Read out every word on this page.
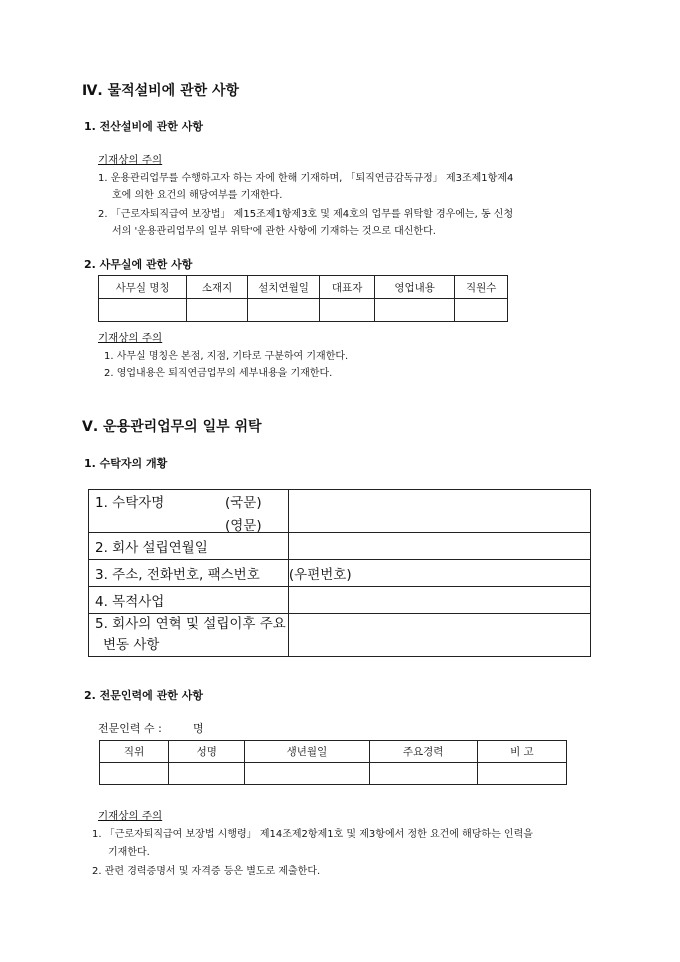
Ⅳ. 물적설비에 관한 사항
1. 전산설비에 관한 사항
기재상의 주의
1. 운용관리업무를 수행하고자 하는 자에 한해 기재하며, 「퇴직연금감독규정」 제3조제1항제4
호에 의한 요건의 해당여부를 기재한다.
2. 「근로자퇴직급여 보장법」 제15조제1항제3호 및 제4호의 업무를 위탁할 경우에는, 동 신청
서의 '운용관리업무의 일부 위탁'에 관한 사항에 기재하는 것으로 대신한다.
2. 사무실에 관한 사항
사무실 명칭	소재지	설치연월일	대표자	영업내용	직원수

기재상의 주의
1. 사무실 명칭은 본점, 지점, 기타로 구분하여 기재한다.
2. 영업내용은 퇴직연금업무의 세부내용을 기재한다.
Ⅴ. 운용관리업무의 일부 위탁
1. 수탁자의 개황
1. 수탁자명 (국문)
(영문)	

2. 회사 설립연월일	
3. 주소, 전화번호, 팩스번호	(우편번호)
4. 목적사업	

5. 회사의 연혁 및 설립이후 주요
변동 사항	

2. 전문인력에 관한 사항
전문인력 수 :	명
직위	성명	생년월일	주요경력	비 고

기재상의 주의
1. 「근로자퇴직급여 보장법 시행령」 제14조제2항제1호 및 제3항에서 정한 요건에 해당하는 인력을
기재한다.
2. 관련 경력증명서 및 자격증 등은 별도로 제출한다.
